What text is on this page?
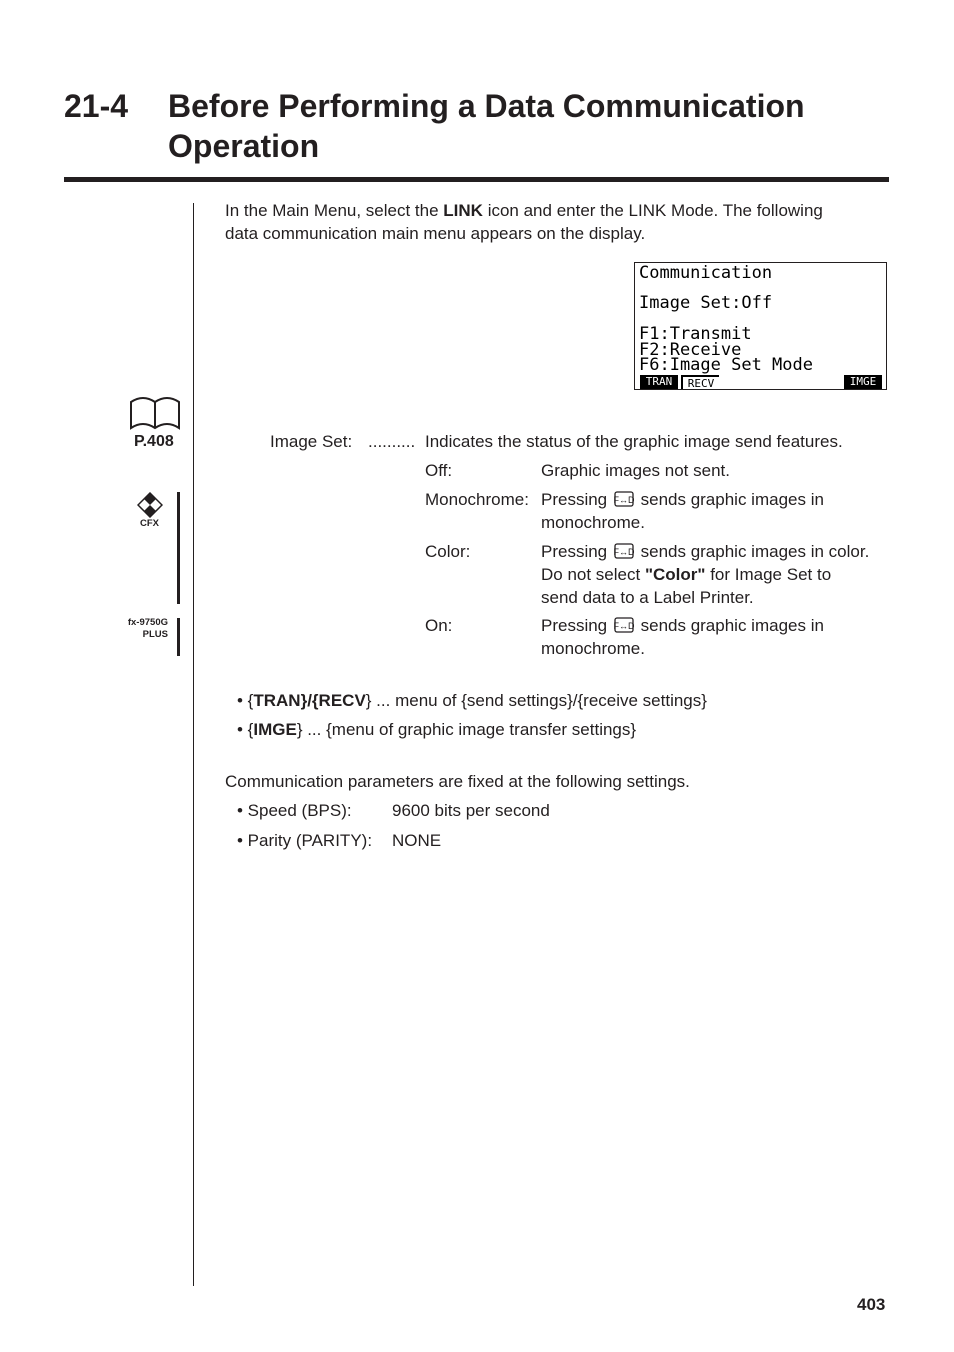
21-4 Before Performing a Data Communication
Operation
In the Main Menu, select the LINK icon and enter the LINK Mode. The following
data communication main menu appears on the display.
Communication
Image Set:Off
F1:Transmit
F2:Receive
F6:Image Set Mode
TRAN	RECV	IMGE
P.408
CFX
fx-9750G
PLUS
Image Set: .......... Indicates the status of the graphic image send features.
Off:	Graphic images not sent.
Monochrome: Pressing F↔D sends graphic images in
monochrome.
Color:	Pressing F↔D sends graphic images in color.
Do not select "Color" for Image Set to
send data to a Label Printer.
On:	Pressing F↔D sends graphic images in
monochrome.
• {TRAN}/{RECV} ... menu of {send settings}/{receive settings}
• {IMGE} ... {menu of graphic image transfer settings}
Communication parameters are fixed at the following settings.
• Speed (BPS): 9600 bits per second
• Parity (PARITY): NONE
403
